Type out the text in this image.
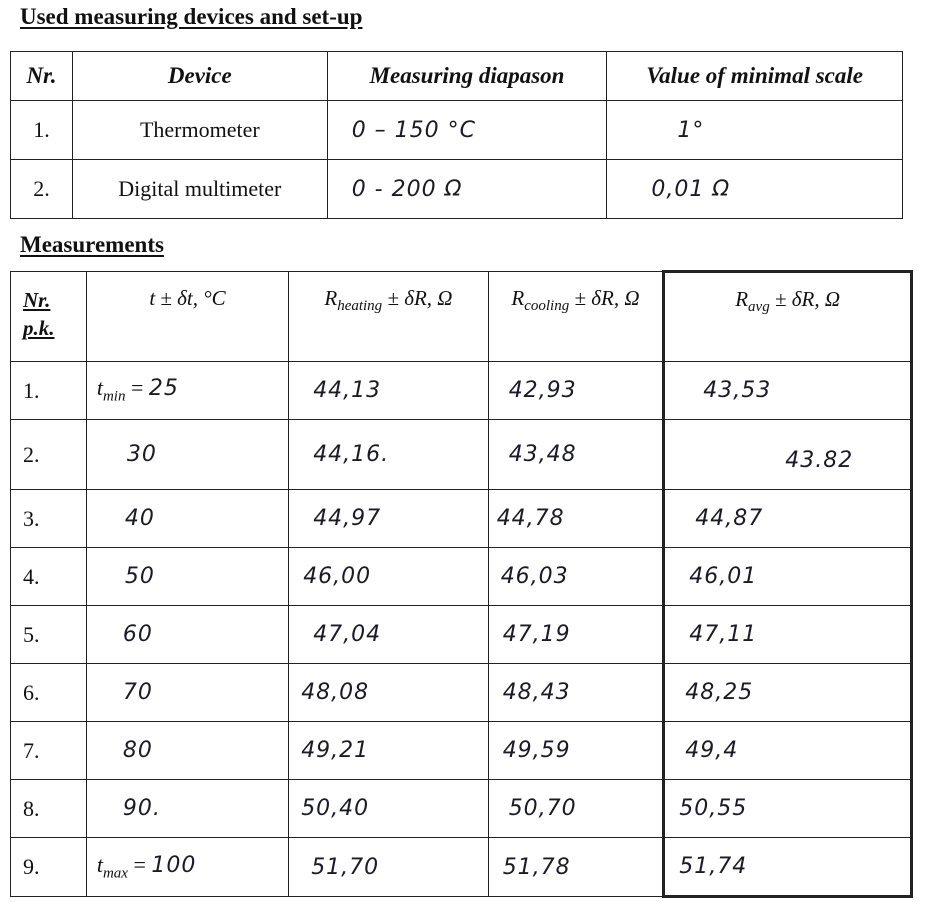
Used measuring devices and set-up
Nr.	Device	Measuring diapason	Value of minimal scale
1.	Thermometer	0 – 150 °C	1°
2.	Digital multimeter	0 - 200 Ω	0,01 Ω
Measurements
Nr.
p.k.	t ± δt, °C	$R_{heating} \pm \delta R$, Ω	$R_{cooling} \pm \delta R$, Ω	$R_{avg} \pm \delta R$, Ω
1.	$t_{min} = 25$	44,13	42,93	43,53
2.	30	44,16.	43,48	43.82
3.	40	44,97	44,78	44,87
4.	50	46,00	46,03	46,01
5.	60	47,04	47,19	47,11
6.	70	48,08	48,43	48,25
7.	80	49,21	49,59	49,4
8.	90.	50,40	50,70	50,55
9.	$t_{max} = 100$	51,70	51,78	51,74
